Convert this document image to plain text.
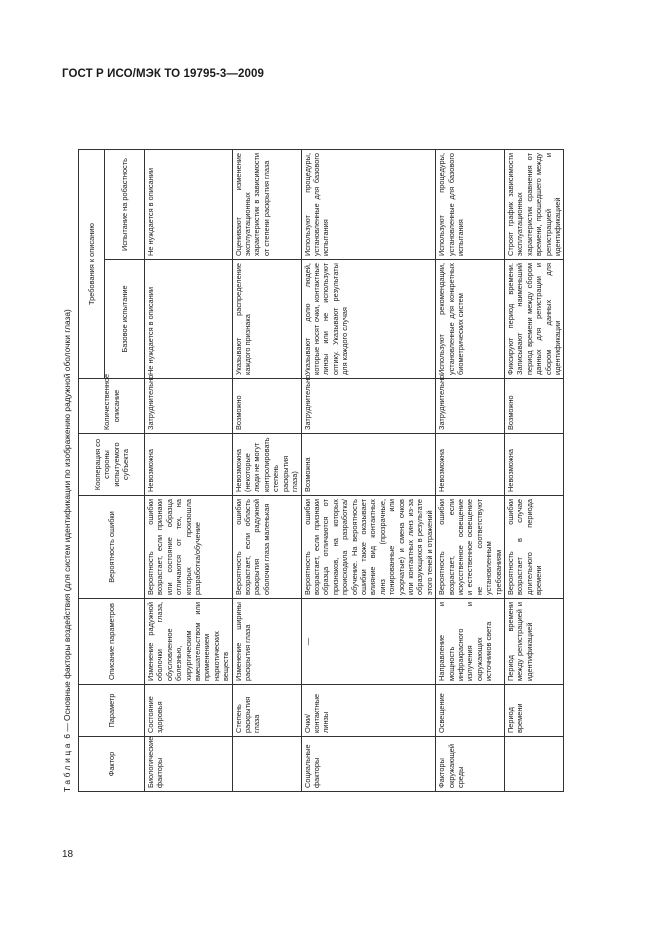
ГОСТ Р ИСО/МЭК ТО 19795-3—2009
Таблица 6 — Основные факторы воздействия (для систем идентификации по изображению радужной оболочки глаза)
Фактор	Параметр	Описание параметров	Вероятность ошибки	Кооперация со стороны испытуемого субъекта	Количественное описание	Требования к описанию	
						Базовое испытание	Испытание на робастность
Биологические факторы	Состояние здоровья	Изменение радужной оболочки глаза, обусловленное болезнью, хирургическим вмешательством или применением наркотических веществ	Вероятность ошибки возрастает, если признаки или состояние образца отличаются от тех, на которых произошла разработка/обучение	Невозможна	Затруднительно	Не нуждается в описании	Не нуждается в описании
	Степень раскрытия глаза	Изменение ширины раскрытия глаза	Вероятность ошибки возрастает, если область раскрытия радужной оболочки глаза маленькая	Невозможна (некоторые люди не могут контролировать степень раскрытия глаза)	Возможно	Указывают распределение каждого признака	Оценивают изменение эксплуатационных характеристик в зависимости от степени раскрытия глаза
Социальные факторы	Очки/контактные линзы	—	Вероятность ошибки возрастает, если признаки образца отличаются от признаков, на которых происходила разработка/обучение. На вероятность ошибки также оказывает влияние вид контактных линз (прозрачные, тонированные или узорчатые) и смена очков или контактных линз из-за образующихся в результате этого теней и отражений	Возможна	Затруднительно	Указывают долю людей, которые носят очки, контактные линзы или не используют оптику. Указывают результаты для каждого случая	Используют процедуры, установленные для базового испытания
Факторы окружающей среды	Освещение	Направление и мощность инфракрасного излучения и окружающих источников света	Вероятность ошибки возрастает, если искусственное освещение и естественное освещение не соответствуют установленным требованиям	Невозможна	Затруднительно	Используют рекомендации, установленные для конкретных биометрических систем	Используют процедуры, установленные для базового испытания
	Период времени	Период времени между регистрацией и идентификацией	Вероятность ошибки возрастает в случае длительного периода времени	Невозможна	Возможно	Фиксируют период времени. Записывают наименьший период времени между сбором данных для регистрации и сбором данных для идентификации	Строят график зависимости эксплуатационных характеристик сравнения от времени, прошедшего между регистрацией и идентификацией
18
